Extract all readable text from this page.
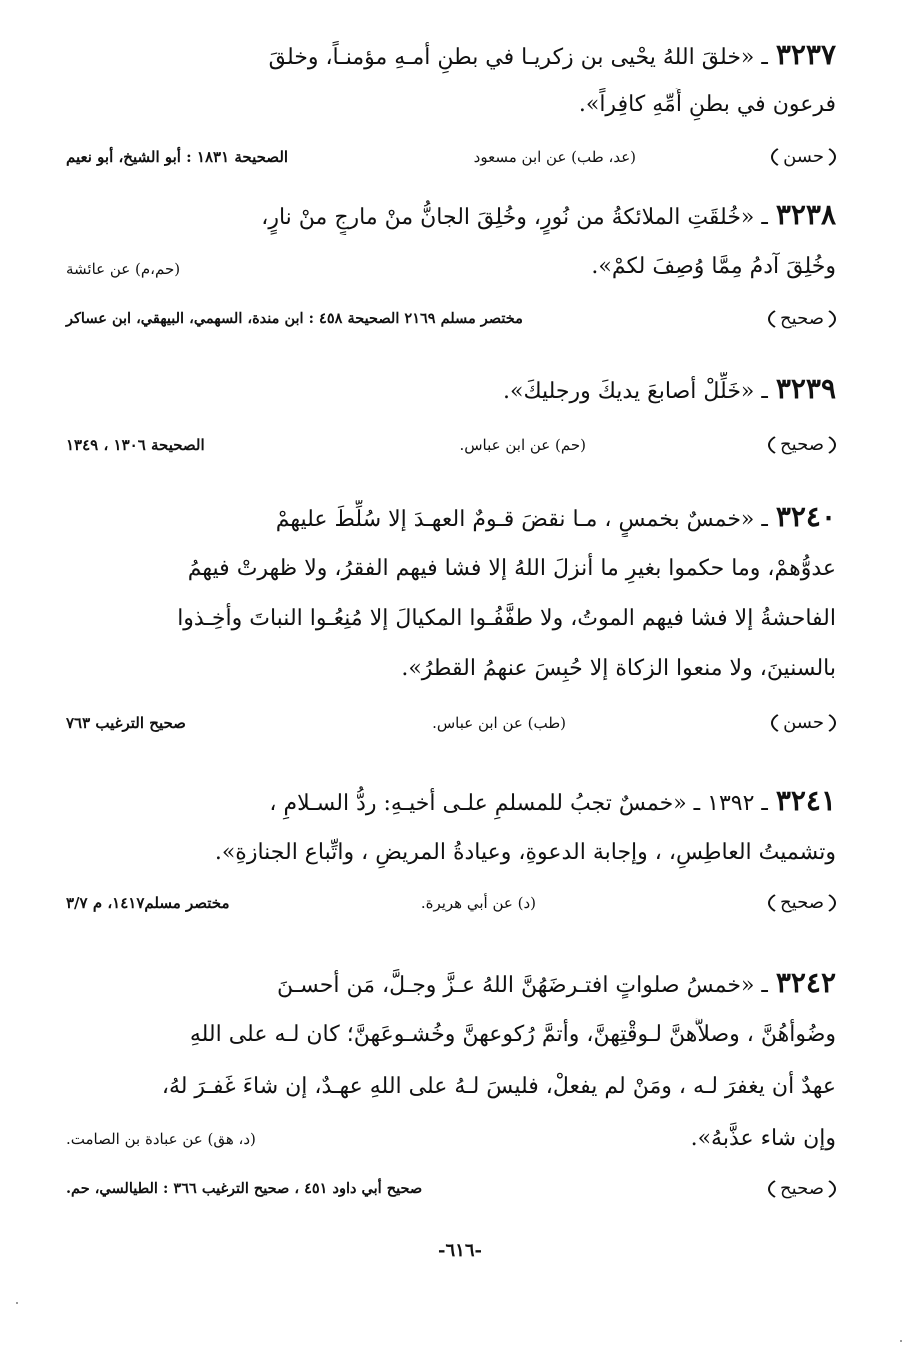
٣٢٣٧ـ «خلقَ اللهُ يحْيى بن زكريـا في بطنِ أمـهِ مؤمنـاً، وخلقَ
فرعون في بطنِ أُمِّهِ كافِراً».
حسن
(عد، طب) عن ابن مسعود
الصحيحة ١٨٣١ : أبو الشيخ، أبو نعيم
٣٢٣٨ـ «خُلقَتِ الملائكةُ من نُورٍ، وخُلِقَ الجانُّ منْ مارجٍ منْ نارٍ،
وخُلِقَ آدمُ مِمَّا وُصِفَ لكمْ».
(حم،م) عن عائشة
صحيح
مختصر مسلم ٢١٦٩ الصحيحة ٤٥٨ : ابن مندة، السهمي، البيهقي، ابن عساكر
٣٢٣٩ـ «خَلِّلْ أصابعَ يديكَ ورجليكَ».
صحيح
(حم) عن ابن عباس.
الصحيحة ١٣٠٦ ، ١٣٤٩
٣٢٤٠ـ «خمسٌ بخمسٍ ، مـا نقضَ قـومٌ العهـدَ إلا سُلِّطَ عليهمْ
عدوُّهمْ، وما حكموا بغيرِ ما أنزلَ اللهُ إلا فشا فيهم الفقرُ، ولا ظهرتْ فيهمُ
الفاحشةُ إلا فشا فيهم الموتُ، ولا طفَّفُـوا المكيالَ إلا مُنِعُـوا النباتَ وأخِـذوا
بالسنينَ، ولا منعوا الزكاة إلا حُبِسَ عنهمُ القطرُ».
حسن
(طب) عن ابن عباس.
صحيح الترغيب ٧٦٣
٣٢٤١ـ ١٣٩٢ ـ «خمسٌ تجبُ للمسلمِ علـى أخيـهِ: ردُّ السـلامِ ،
وتشميتُ العاطِسِ، ، وإجابة الدعوةِ، وعيادةُ المريضِ ، واتِّباع الجنازةِ».
صحيح
(د) عن أبي هريرة.
مختصر مسلم١٤١٧، م ٣/٧
٣٢٤٢ـ «خمسُ صلواتٍ افتـرضَهُنَّ اللهُ عـزَّ وجـلَّ، مَن أحسـنَ
وضُوأهُنَّ ، وصلاَّهنَّ لـوقْتِهنَّ، وأتمَّ رُكوعهنَّ وخُشـوعَهنَّ؛ كان لـه على اللهِ
عهدٌ أن يغفرَ لـه ، ومَنْ لم يفعلْ، فليسَ لـهُ على اللهِ عهـدٌ، إن شاءَ غَفـرَ لهُ،
وإن شاء عذَّبهُ».
(د، هق) عن عبادة بن الصامت.
صحيح
صحيح أبي داود ٤٥١ ، صحيح الترغيب ٣٦٦ : الطيالسي، حم.
-٦١٦-
